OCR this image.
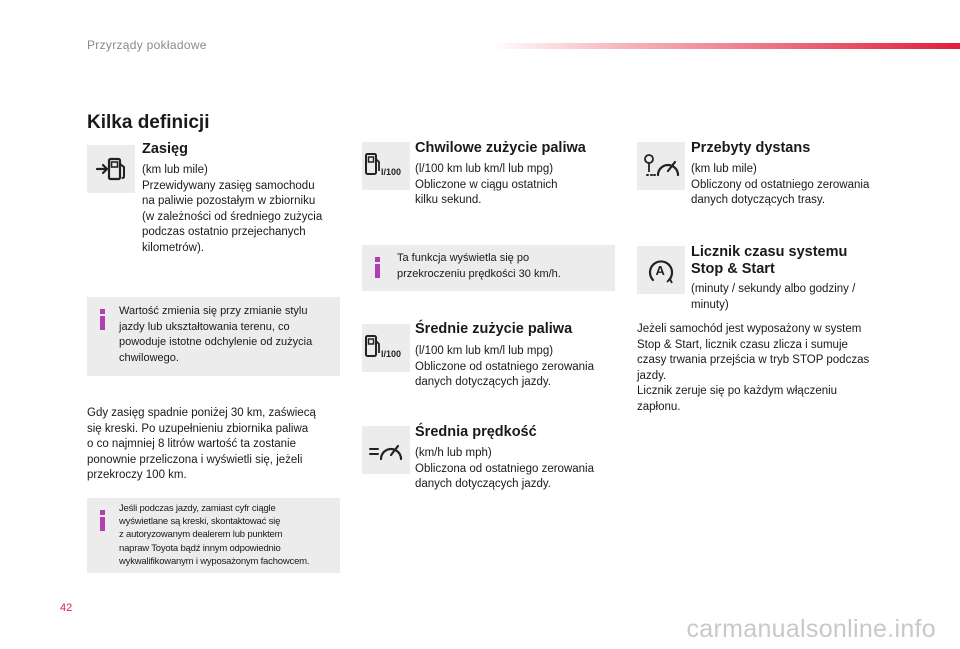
Przyrządy pokładowe
Kilka definicji
Zasięg
(km lub mile)
Przewidywany zasięg samochodu
na paliwie pozostałym w zbiorniku
(w zależności od średniego zużycia
podczas ostatnio przejechanych
kilometrów).
Wartość zmienia się przy zmianie stylu
jazdy lub ukształtowania terenu, co
powoduje istotne odchylenie od zużycia
chwilowego.
Gdy zasięg spadnie poniżej 30 km, zaświecą
się kreski. Po uzupełnieniu zbiornika paliwa
o co najmniej 8 litrów wartość ta zostanie
ponownie przeliczona i wyświetli się, jeżeli
przekroczy 100 km.
Jeśli podczas jazdy, zamiast cyfr ciągle
wyświetlane są kreski, skontaktować się
z autoryzowanym dealerem lub punktem
napraw Toyota bądź innym odpowiednio
wykwalifikowanym i wyposażonym fachowcem.
l/100
Chwilowe zużycie paliwa
(l/100 km lub km/l lub mpg)
Obliczone w ciągu ostatnich
kilku sekund.
Ta funkcja wyświetla się po
przekroczeniu prędkości 30 km/h.
l/100
Średnie zużycie paliwa
(l/100 km lub km/l lub mpg)
Obliczone od ostatniego zerowania
danych dotyczących jazdy.
Średnia prędkość
(km/h lub mph)
Obliczona od ostatniego zerowania
danych dotyczących jazdy.
Przebyty dystans
(km lub mile)
Obliczony od ostatniego zerowania
danych dotyczących trasy.
A
Licznik czasu systemu
Stop & Start
(minuty / sekundy albo godziny /
minuty)
Jeżeli samochód jest wyposażony w system
Stop & Start, licznik czasu zlicza i sumuje
czasy trwania przejścia w tryb STOP podczas
jazdy.
Licznik zeruje się po każdym włączeniu
zapłonu.
42
carmanualsonline.info
